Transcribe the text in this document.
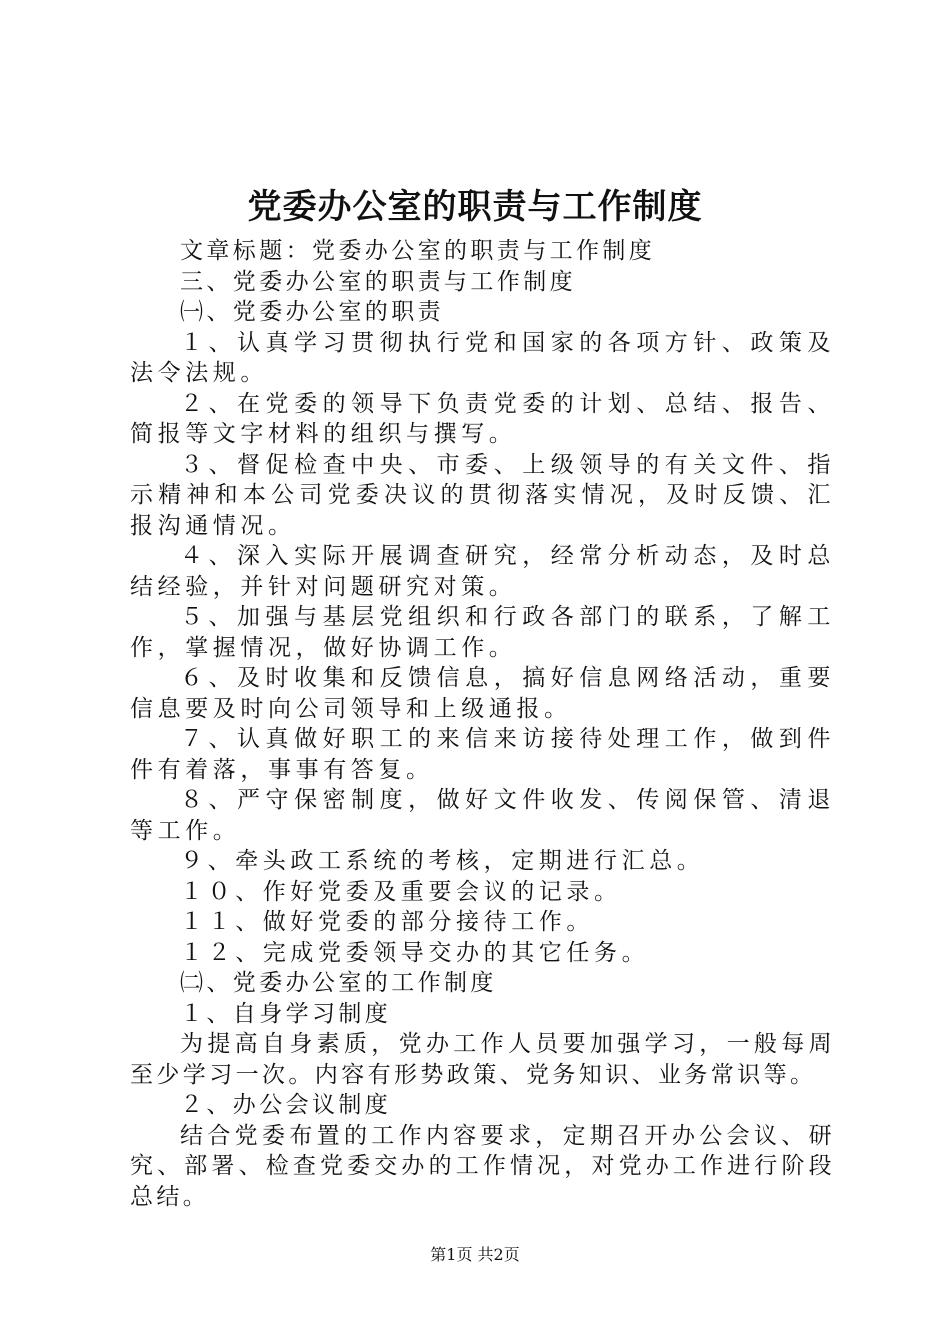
党委办公室的职责与工作制度

文章标题：党委办公室的职责与工作制度

三、党委办公室的职责与工作制度

㈠、党委办公室的职责

１、认真学习贯彻执行党和国家的各项方针、政策及法令法规。

２、在党委的领导下负责党委的计划、总结、报告、简报等文字材料的组织与撰写。

３、督促检查中央、市委、上级领导的有关文件、指示精神和本公司党委决议的贯彻落实情况，及时反馈、汇报沟通情况。

４、深入实际开展调查研究，经常分析动态，及时总结经验，并针对问题研究对策。

５、加强与基层党组织和行政各部门的联系，了解工作，掌握情况，做好协调工作。

６、及时收集和反馈信息，搞好信息网络活动，重要信息要及时向公司领导和上级通报。

７、认真做好职工的来信来访接待处理工作，做到件件有着落，事事有答复。

８、严守保密制度，做好文件收发、传阅保管、清退等工作。

９、牵头政工系统的考核，定期进行汇总。

１０、作好党委及重要会议的记录。

１１、做好党委的部分接待工作。

１２、完成党委领导交办的其它任务。

㈡、党委办公室的工作制度

１、自身学习制度

为提高自身素质，党办工作人员要加强学习，一般每周至少学习一次。内容有形势政策、党务知识、业务常识等。

２、办公会议制度

结合党委布置的工作内容要求，定期召开办公会议、研究、部署、检查党委交办的工作情况，对党办工作进行阶段总结。

第1页 共2页
